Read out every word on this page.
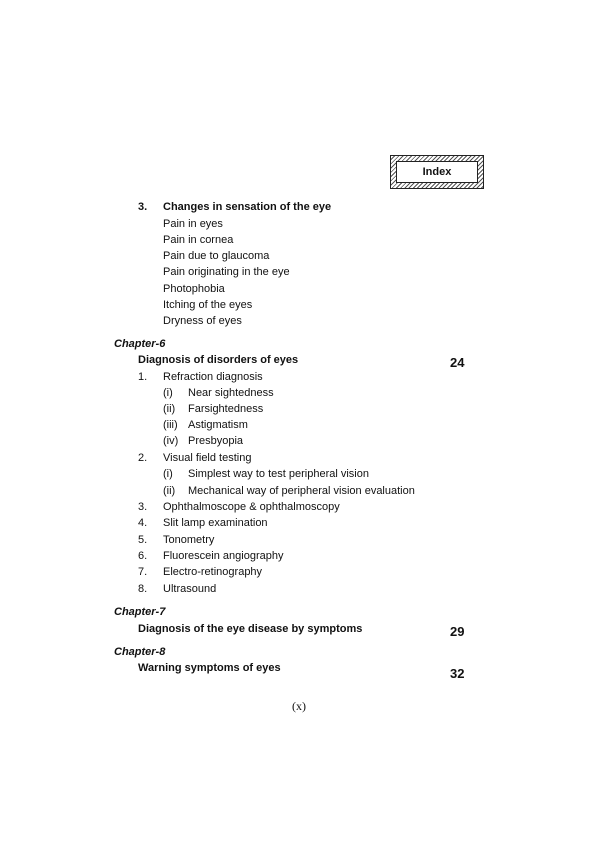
Index
3. Changes in sensation of the eye
Pain in eyes
Pain in cornea
Pain due to glaucoma
Pain originating in the eye
Photophobia
Itching of the eyes
Dryness of eyes
Chapter-6
Diagnosis of disorders of eyes	24
1. Refraction diagnosis
(i) Near sightedness
(ii) Farsightedness
(iii) Astigmatism
(iv) Presbyopia
2. Visual field testing
(i) Simplest way to test peripheral vision
(ii) Mechanical way of peripheral vision evaluation
3. Ophthalmoscope & ophthalmoscopy
4. Slit lamp examination
5. Tonometry
6. Fluorescein angiography
7. Electro-retinography
8. Ultrasound
Chapter-7
Diagnosis of the eye disease by symptoms	29
Chapter-8
Warning symptoms of eyes	32
(x)
